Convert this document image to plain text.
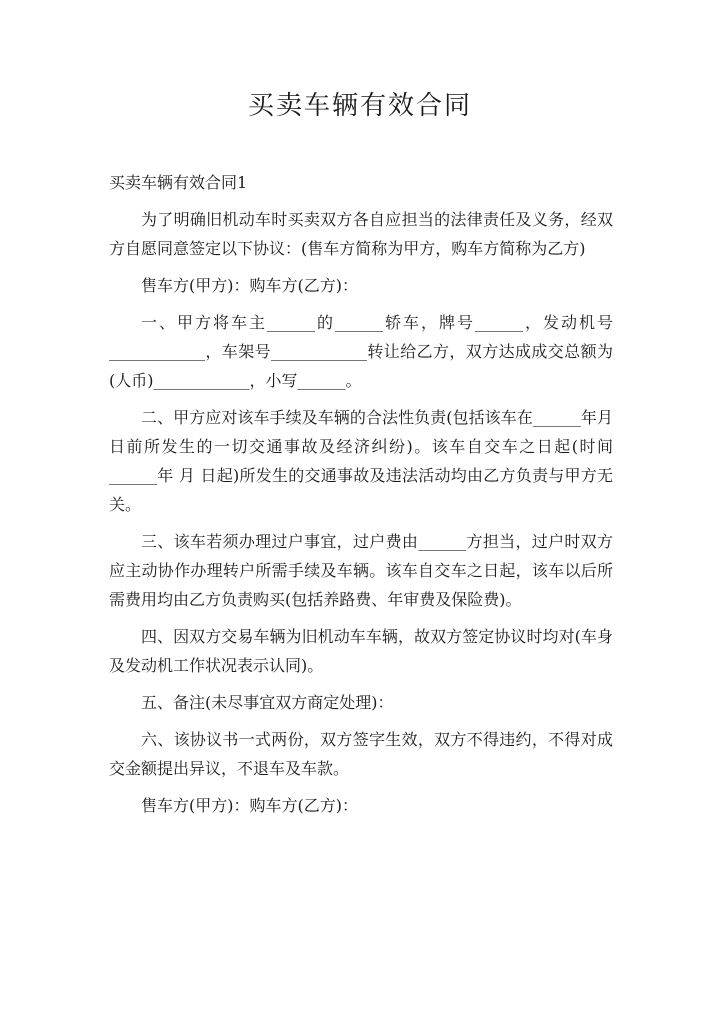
买卖车辆有效合同

买卖车辆有效合同1

为了明确旧机动车时买卖双方各自应担当的法律责任及义务，经双方自愿同意签定以下协议：(售车方简称为甲方，购车方简称为乙方)

售车方(甲方)：购车方(乙方)：

一、甲方将车主______的______轿车，牌号______，发动机号____________，车架号____________转让给乙方，双方达成成交总额为(人币)____________，小写______。

二、甲方应对该车手续及车辆的合法性负责(包括该车在______年月 日前所发生的一切交通事故及经济纠纷)。该车自交车之日起(时间______年 月 日起)所发生的交通事故及违法活动均由乙方负责与甲方无关。

三、该车若须办理过户事宜，过户费由______方担当，过户时双方应主动协作办理转户所需手续及车辆。该车自交车之日起，该车以后所需费用均由乙方负责购买(包括养路费、年审费及保险费)。

四、因双方交易车辆为旧机动车车辆，故双方签定协议时均对(车身及发动机工作状况表示认同)。

五、备注(未尽事宜双方商定处理)：

六、该协议书一式两份，双方签字生效，双方不得违约，不得对成交金额提出异议，不退车及车款。

售车方(甲方)：购车方(乙方)：
